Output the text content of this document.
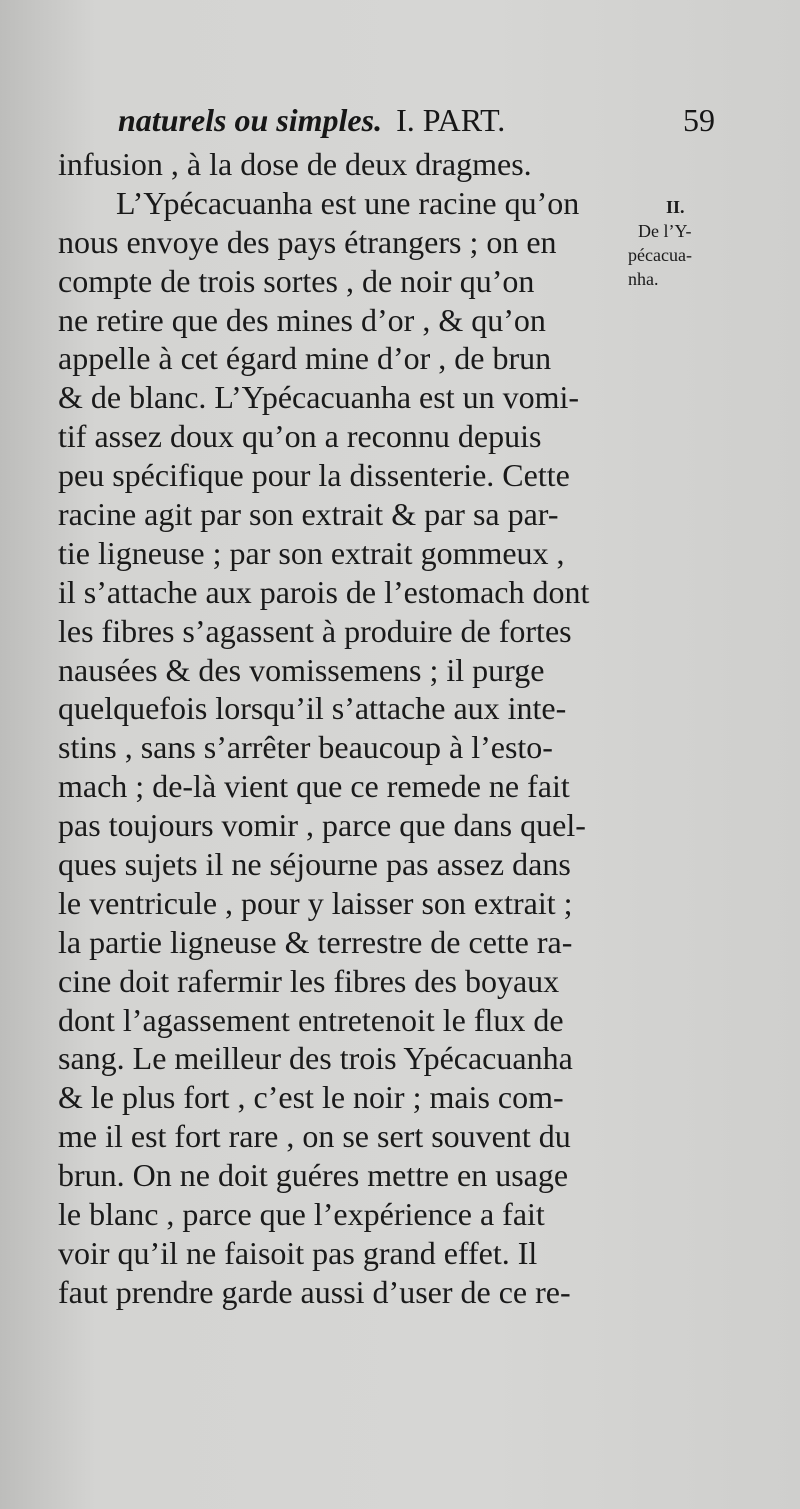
naturels ou simples. I. PART.	59
infusion , à la dose de deux dragmes.
L’Ypécacuanha est une racine qu’on
nous envoye des pays étrangers ; on en
compte de trois sortes , de noir qu’on
ne retire que des mines d’or , & qu’on
appelle à cet égard mine d’or , de brun
& de blanc. L’Ypécacuanha est un vomi-
tif assez doux qu’on a reconnu depuis
peu spécifique pour la dissenterie. Cette
racine agit par son extrait & par sa par-
tie ligneuse ; par son extrait gommeux ,
il s’attache aux parois de l’estomach dont
les fibres s’agassent à produire de fortes
nausées & des vomissemens ; il purge
quelquefois lorsqu’il s’attache aux inte-
stins , sans s’arrêter beaucoup à l’esto-
mach ; de-là vient que ce remede ne fait
pas toujours vomir , parce que dans quel-
ques sujets il ne séjourne pas assez dans
le ventricule , pour y laisser son extrait ;
la partie ligneuse & terrestre de cette ra-
cine doit rafermir les fibres des boyaux
dont l’agassement entretenoit le flux de
sang. Le meilleur des trois Ypécacuanha
& le plus fort , c’est le noir ; mais com-
me il est fort rare , on se sert souvent du
brun. On ne doit guéres mettre en usage
le blanc , parce que l’expérience a fait
voir qu’il ne faisoit pas grand effet. Il
faut prendre garde aussi d’user de ce re-
II.
De l’Y-
pécacua-
nha.
